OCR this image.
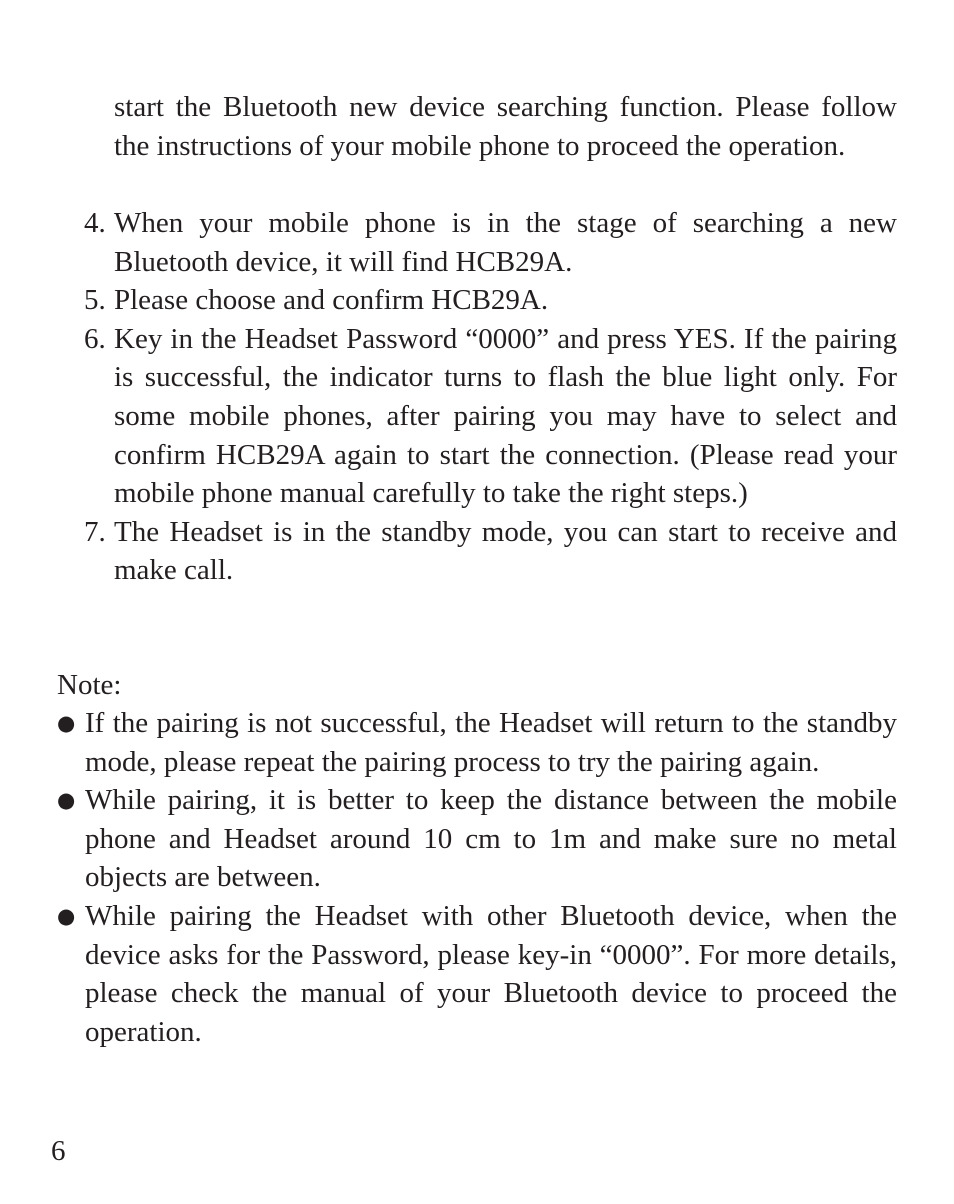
start the Bluetooth new device searching function. Please follow the instructions of your mobile phone to proceed the operation.

4. When your mobile phone is in the stage of searching a new Bluetooth device, it will find HCB29A.
5. Please choose and confirm HCB29A.
6. Key in the Headset Password “0000” and press YES. If the pairing is successful, the indicator turns to flash the blue light only. For some mobile phones, after pairing you may have to select and confirm HCB29A again to start the connection. (Please read your mobile phone manual carefully to take the right steps.)
7. The Headset is in the standby mode, you can start to receive and make call.

Note:

● If the pairing is not successful, the Headset will return to the standby mode, please repeat the pairing process to try the pairing again.
● While pairing, it is better to keep the distance between the mobile phone and Headset around 10 cm to 1m and make sure no metal objects are between.
● While pairing the Headset with other Bluetooth device, when the device asks for the Password, please key-in “0000”. For more details, please check the manual of your Bluetooth device to proceed the operation.

6
